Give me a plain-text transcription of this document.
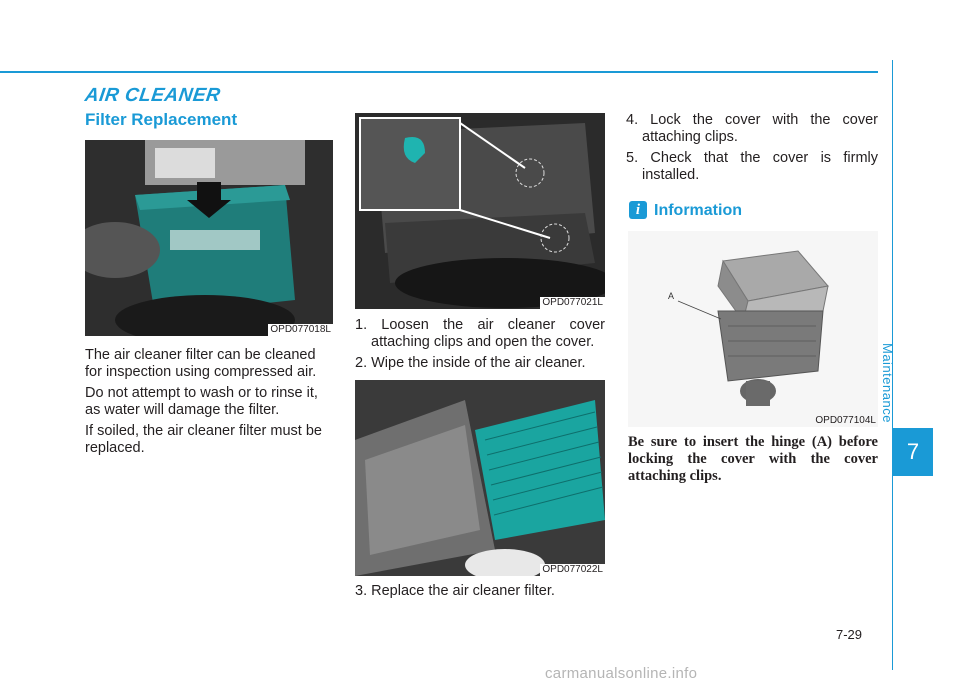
AIR CLEANER
Filter Replacement
OPD077018L

The air cleaner filter can be cleaned for inspection using compressed air.

Do not attempt to wash or to rinse it, as water will damage the filter.

If soiled, the air cleaner filter must be replaced.

OPD077021L

1. Loosen the air cleaner cover attaching clips and open the cover.

2. Wipe the inside of the air cleaner.

OPD077022L

3. Replace the air cleaner filter.

4. Lock the cover with the cover attaching clips.

5. Check that the cover is firmly installed.

i Information
A
OPD077104L

Be sure to insert the hinge (A) before locking the cover with the cover attaching clips.

Maintenance
7
7-29
carmanualsonline.info
